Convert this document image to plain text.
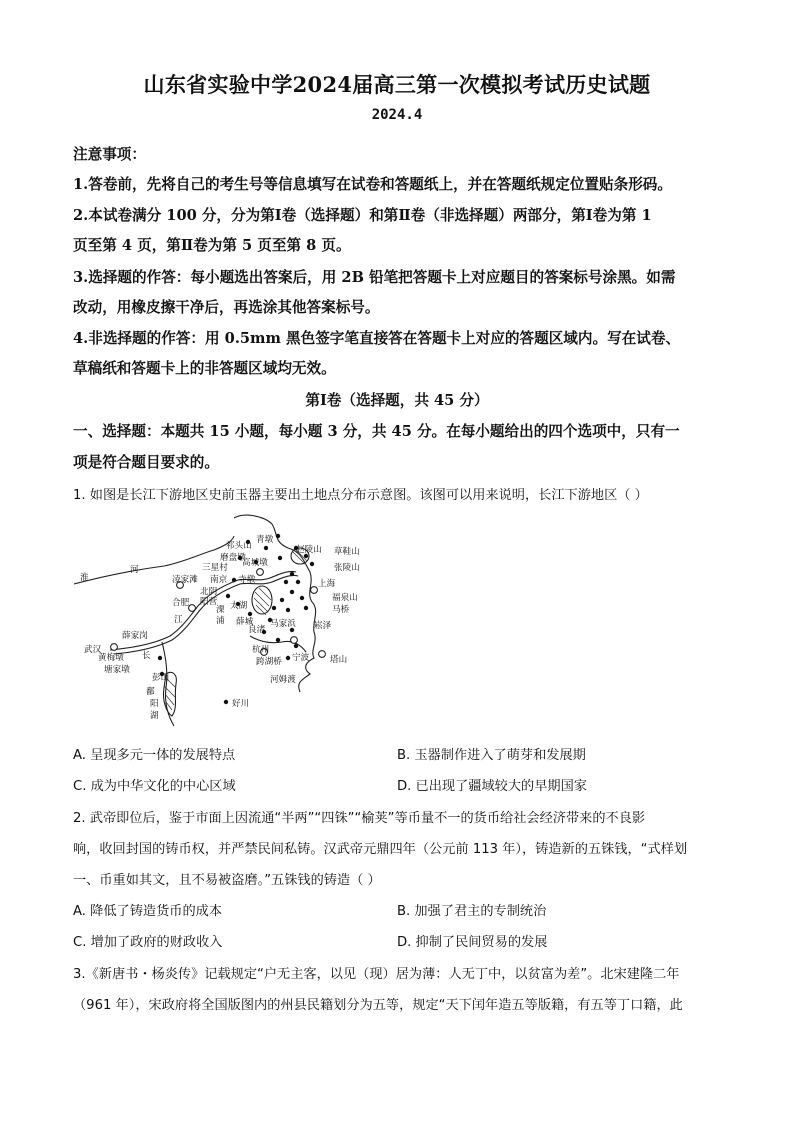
山东省实验中学2024届高三第一次模拟考试历史试题
2024.4
注意事项：
1.答卷前，先将自己的考生号等信息填写在试卷和答题纸上，并在答题纸规定位置贴条形码。
2.本试卷满分 100 分，分为第Ⅰ卷（选择题）和第Ⅱ卷（非选择题）两部分，第Ⅰ卷为第 1
页至第 4 页，第Ⅱ卷为第 5 页至第 8 页。
3.选择题的作答：每小题选出答案后，用 2B 铅笔把答题卡上对应题目的答案标号涂黑。如需
改动，用橡皮擦干净后，再选涂其他答案标号。
4.非选择题的作答：用 0.5mm 黑色签字笔直接答在答题卡上对应的答题区域内。写在试卷、
草稿纸和答题卡上的非答题区域均无效。
第Ⅰ卷（选择题，共 45 分）
一、选择题：本题共 15 小题，每小题 3 分，共 45 分。在每小题给出的四个选项中，只有一
项是符合题目要求的。
1. 如图是长江下游地区史前玉器主要出土地点分布示意图。该图可以用来说明，长江下游地区（ ）
淮
河
江
长
合肥
凌家滩
北阴
阳营
南京
三星村
磨盘墩
寺墩
高城墩
祁头山
青墩
赵陵山 草鞋山
张陵山
上海
福泉山
马桥
太湖
溧
浦 薛城
良渚
马家浜 崧泽
杭州
跨湖桥 宁波 塔山
河姆渡
好川
武汉
薛家岗
黄梅墩
塘家墩
彭山
鄱
阳
湖
A. 呈现多元一体的发展特点	B. 玉器制作进入了萌芽和发展期
C. 成为中华文化的中心区域	D. 已出现了疆域较大的早期国家
2. 武帝即位后，鉴于市面上因流通“半两”“四铢”“榆荚”等币量不一的货币给社会经济带来的不良影
响，收回封国的铸币权，并严禁民间私铸。汉武帝元鼎四年（公元前 113 年），铸造新的五铢钱，“式样划
一、币重如其文，且不易被盗磨。”五铢钱的铸造（ ）
A. 降低了铸造货币的成本	B. 加强了君主的专制统治
C. 增加了政府的财政收入	D. 抑制了民间贸易的发展
3.《新唐书・杨炎传》记载规定“户无主客，以见（现）居为薄：人无丁中，以贫富为差”。北宋建隆二年
（961 年），宋政府将全国版图内的州县民籍划分为五等，规定“天下闰年造五等版籍，有五等丁口籍，此
